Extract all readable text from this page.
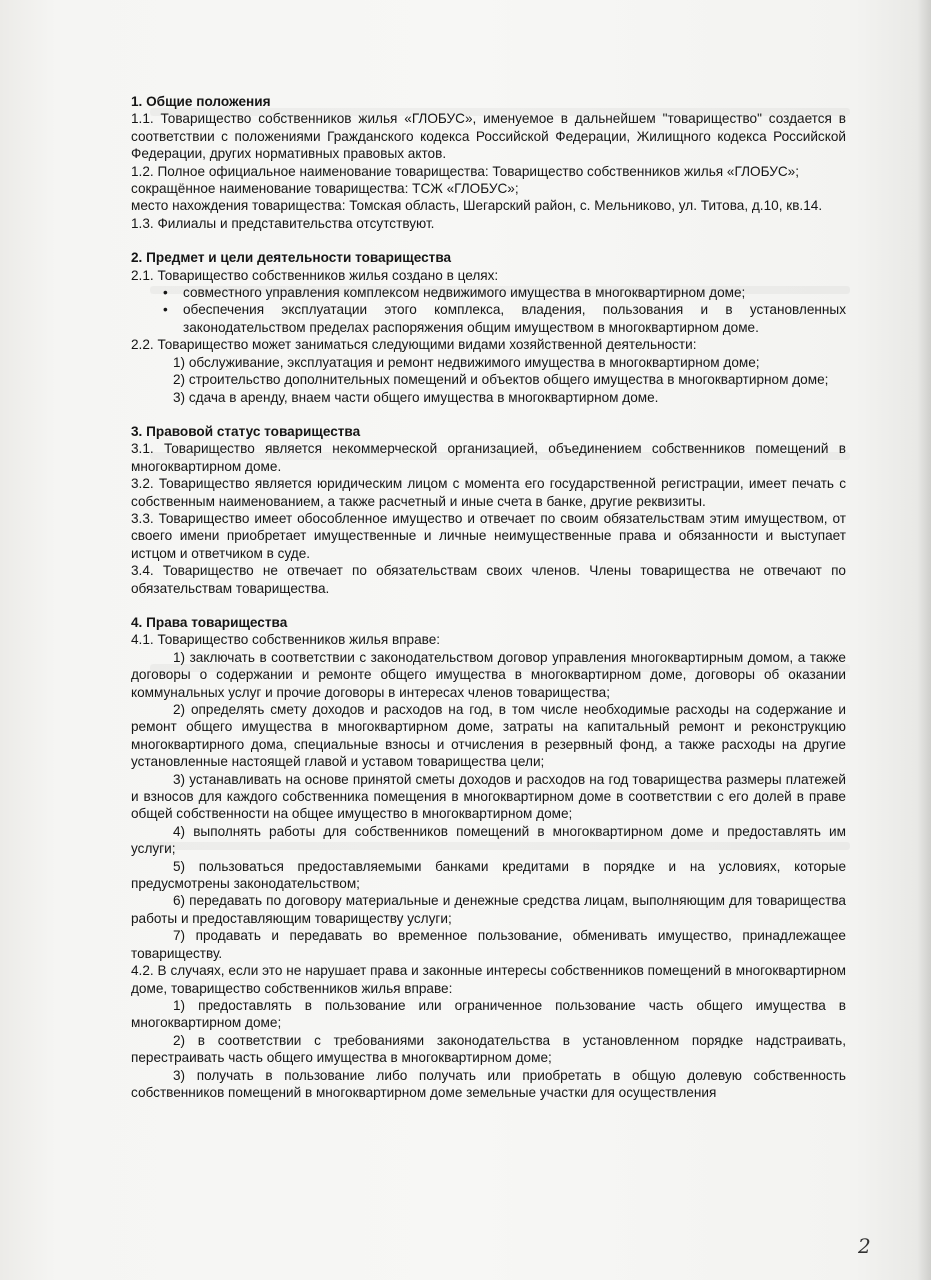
1. Общие положения

1.1. Товарищество собственников жилья «ГЛОБУС», именуемое в дальнейшем "товарищество" создается в соответствии с положениями Гражданского кодекса Российской Федерации, Жилищного кодекса Российской Федерации, других нормативных правовых актов.

1.2. Полное официальное наименование товарищества: Товарищество собственников жилья «ГЛОБУС»;

сокращённое наименование товарищества: ТСЖ «ГЛОБУС»;

место нахождения товарищества: Томская область, Шегарский район, с. Мельниково, ул. Титова, д.10, кв.14.

1.3. Филиалы и представительства отсутствуют.

2. Предмет и цели деятельности товарищества

2.1. Товарищество собственников жилья создано в целях:

• совместного управления комплексом недвижимого имущества в многоквартирном доме;

• обеспечения эксплуатации этого комплекса, владения, пользования и в установленных законодательством пределах распоряжения общим имуществом в многоквартирном доме.

2.2. Товарищество может заниматься следующими видами хозяйственной деятельности:

1) обслуживание, эксплуатация и ремонт недвижимого имущества в многоквартирном доме;

2) строительство дополнительных помещений и объектов общего имущества в многоквартирном доме;

3) сдача в аренду, внаем части общего имущества в многоквартирном доме.

3. Правовой статус товарищества

3.1. Товарищество является некоммерческой организацией, объединением собственников помещений в многоквартирном доме.

3.2. Товарищество является юридическим лицом с момента его государственной регистрации, имеет печать с собственным наименованием, а также расчетный и иные счета в банке, другие реквизиты.

3.3. Товарищество имеет обособленное имущество и отвечает по своим обязательствам этим имуществом, от своего имени приобретает имущественные и личные неимущественные права и обязанности и выступает истцом и ответчиком в суде.

3.4. Товарищество не отвечает по обязательствам своих членов. Члены товарищества не отвечают по обязательствам товарищества.

4. Права товарищества

4.1. Товарищество собственников жилья вправе:

1) заключать в соответствии с законодательством договор управления многоквартирным домом, а также договоры о содержании и ремонте общего имущества в многоквартирном доме, договоры об оказании коммунальных услуг и прочие договоры в интересах членов товарищества;

2) определять смету доходов и расходов на год, в том числе необходимые расходы на содержание и ремонт общего имущества в многоквартирном доме, затраты на капитальный ремонт и реконструкцию многоквартирного дома, специальные взносы и отчисления в резервный фонд, а также расходы на другие установленные настоящей главой и уставом товарищества цели;

3) устанавливать на основе принятой сметы доходов и расходов на год товарищества размеры платежей и взносов для каждого собственника помещения в многоквартирном доме в соответствии с его долей в праве общей собственности на общее имущество в многоквартирном доме;

4) выполнять работы для собственников помещений в многоквартирном доме и предоставлять им услуги;

5) пользоваться предоставляемыми банками кредитами в порядке и на условиях, которые предусмотрены законодательством;

6) передавать по договору материальные и денежные средства лицам, выполняющим для товарищества работы и предоставляющим товариществу услуги;

7) продавать и передавать во временное пользование, обменивать имущество, принадлежащее товариществу.

4.2. В случаях, если это не нарушает права и законные интересы собственников помещений в многоквартирном доме, товарищество собственников жилья вправе:

1) предоставлять в пользование или ограниченное пользование часть общего имущества в многоквартирном доме;

2) в соответствии с требованиями законодательства в установленном порядке надстраивать, перестраивать часть общего имущества в многоквартирном доме;

3) получать в пользование либо получать или приобретать в общую долевую собственность собственников помещений в многоквартирном доме земельные участки для осуществления

2
